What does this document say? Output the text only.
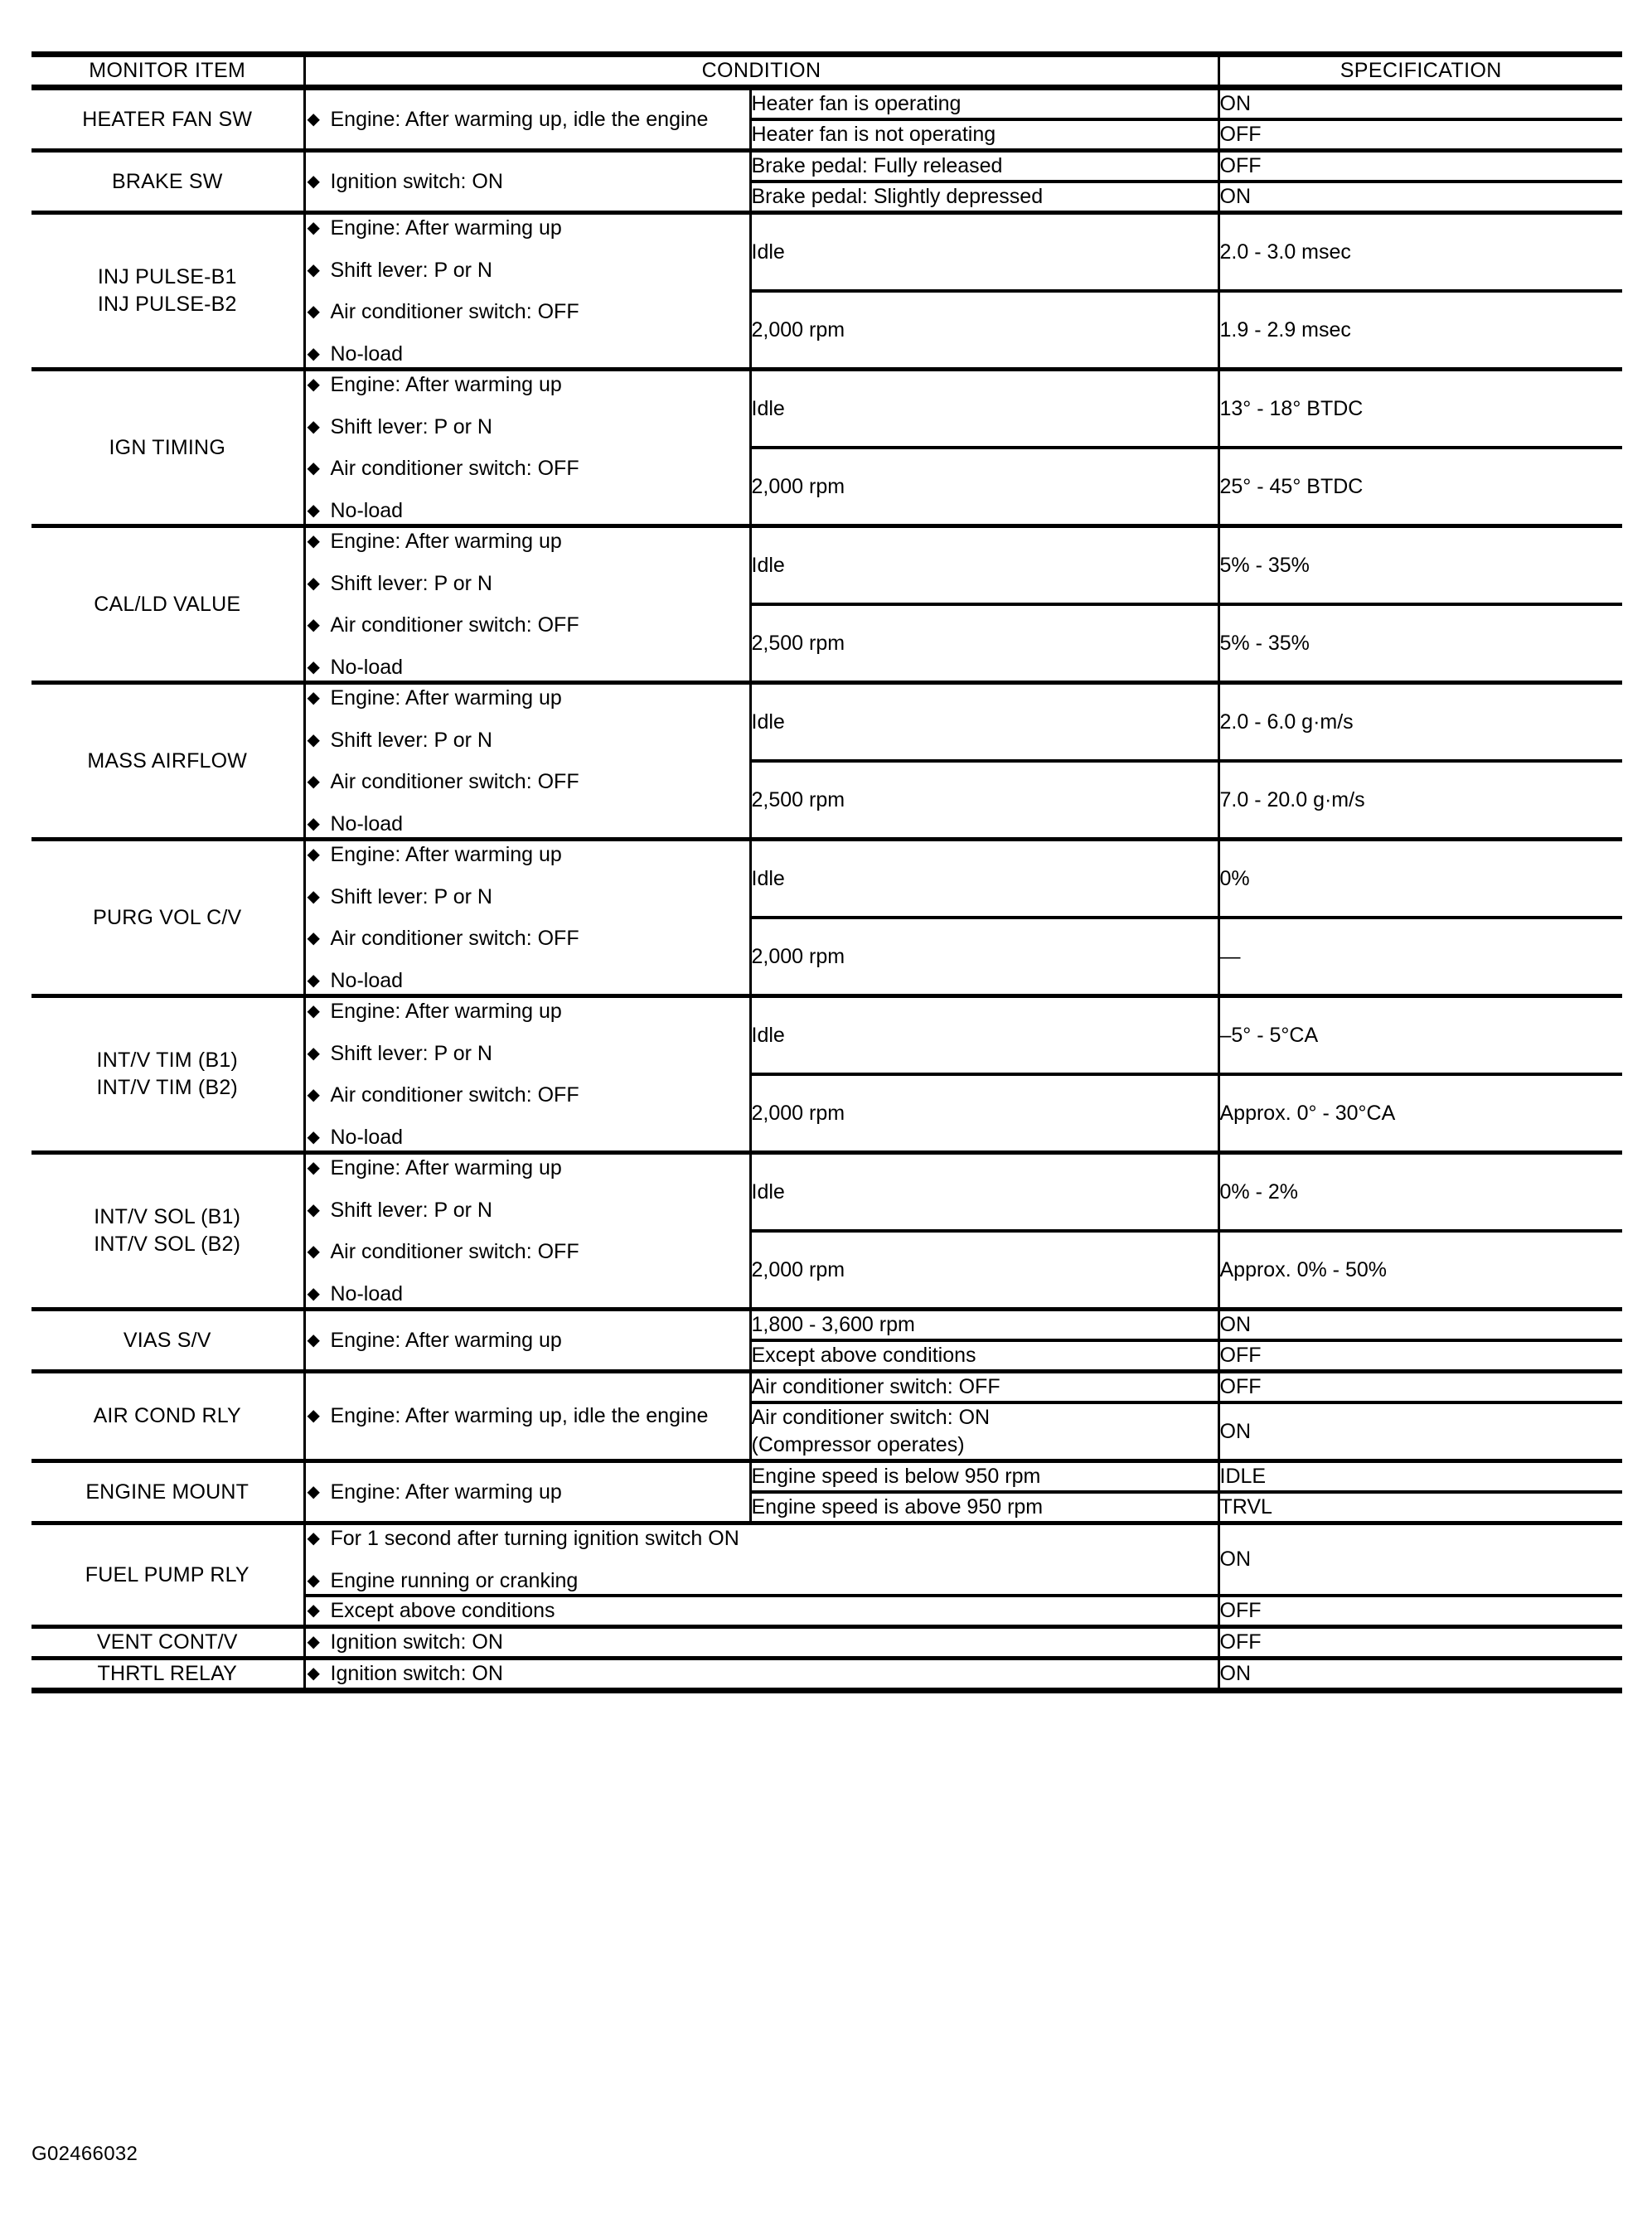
MONITOR ITEM	CONDITION		SPECIFICATION

HEATER FAN SW	◆ Engine: After warming up, idle the engine

Heater fan is operating	ON

		Heater fan is not operating	OFF

BRAKE SW	◆ Ignition switch: ON

Brake pedal: Fully released	OFF

		Brake pedal: Slightly depressed	ON

INJ PULSE-B1
INJ PULSE-B2

◆ Engine: After warming up
◆ Shift lever: P or N
◆ Air conditioner switch: OFF
◆ No-load

Idle	2.0 - 3.0 msec

		2,000 rpm	1.9 - 2.9 msec

IGN TIMING

◆ Engine: After warming up
◆ Shift lever: P or N
◆ Air conditioner switch: OFF
◆ No-load

Idle	13° - 18° BTDC

		2,000 rpm	25° - 45° BTDC

CAL/LD VALUE

◆ Engine: After warming up
◆ Shift lever: P or N
◆ Air conditioner switch: OFF
◆ No-load

Idle	5% - 35%

		2,500 rpm	5% - 35%

MASS AIRFLOW

◆ Engine: After warming up
◆ Shift lever: P or N
◆ Air conditioner switch: OFF
◆ No-load

Idle	2.0 - 6.0 g·m/s

		2,500 rpm	7.0 - 20.0 g·m/s

PURG VOL C/V

◆ Engine: After warming up
◆ Shift lever: P or N
◆ Air conditioner switch: OFF
◆ No-load

Idle	0%

		2,000 rpm	—

INT/V TIM (B1)
INT/V TIM (B2)

◆ Engine: After warming up
◆ Shift lever: P or N
◆ Air conditioner switch: OFF
◆ No-load

Idle	–5° - 5°CA

		2,000 rpm	Approx. 0° - 30°CA

INT/V SOL (B1)
INT/V SOL (B2)

◆ Engine: After warming up
◆ Shift lever: P or N
◆ Air conditioner switch: OFF
◆ No-load

Idle	0% - 2%

		2,000 rpm	Approx. 0% - 50%

VIAS S/V	◆ Engine: After warming up

1,800 - 3,600 rpm	ON

		Except above conditions	OFF

AIR COND RLY	◆ Engine: After warming up, idle the engine

Air conditioner switch: OFF	OFF

		Air conditioner switch: ON
(Compressor operates)	ON

ENGINE MOUNT	◆ Engine: After warming up

Engine speed is below 950 rpm	IDLE

		Engine speed is above 950 rpm	TRVL

FUEL PUMP RLY

◆ For 1 second after turning ignition switch ON
◆ Engine running or cranking
	ON

◆ Except above conditions	OFF

VENT CONT/V	◆ Ignition switch: ON	OFF

THRTL RELAY	◆ Ignition switch: ON	ON
G02466032
